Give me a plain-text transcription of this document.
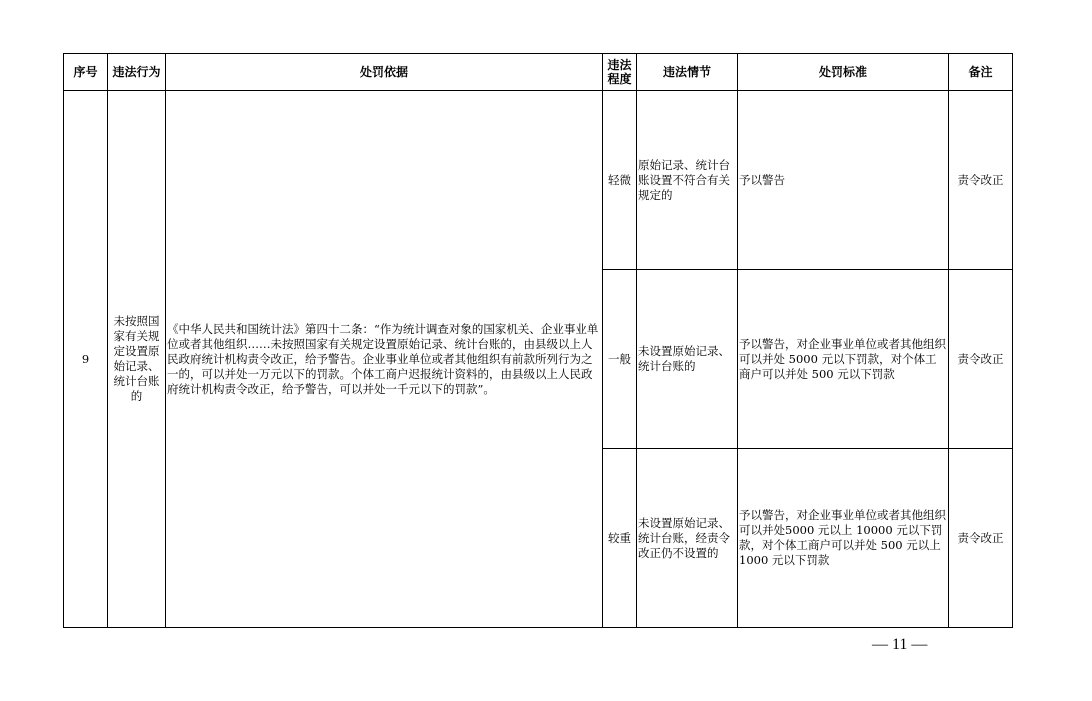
序号	违法行为	处罚依据	违法程度	违法情节	处罚标准	备注
9	未按照国家有关规定设置原始记录、统计台账的	《中华人民共和国统计法》第四十二条：“作为统计调查对象的国家机关、企业事业单位或者其他组织……未按照国家有关规定设置原始记录、统计台账的，由县级以上人民政府统计机构责令改正，给予警告。企业事业单位或者其他组织有前款所列行为之一的，可以并处一万元以下的罚款。个体工商户迟报统计资料的，由县级以上人民政府统计机构责令改正，给予警告，可以并处一千元以下的罚款”。	轻微	原始记录、统计台账设置不符合有关规定的	予以警告	责令改正
			一般	未设置原始记录、统计台账的	予以警告，对企业事业单位或者其他组织可以并处 5000 元以下罚款，对个体工商户可以并处 500 元以下罚款	责令改正
			较重	未设置原始记录、统计台账，经责令改正仍不设置的	予以警告，对企业事业单位或者其他组织可以并处5000 元以上 10000 元以下罚款，对个体工商户可以并处 500 元以上 1000 元以下罚款	责令改正
— 11 —
